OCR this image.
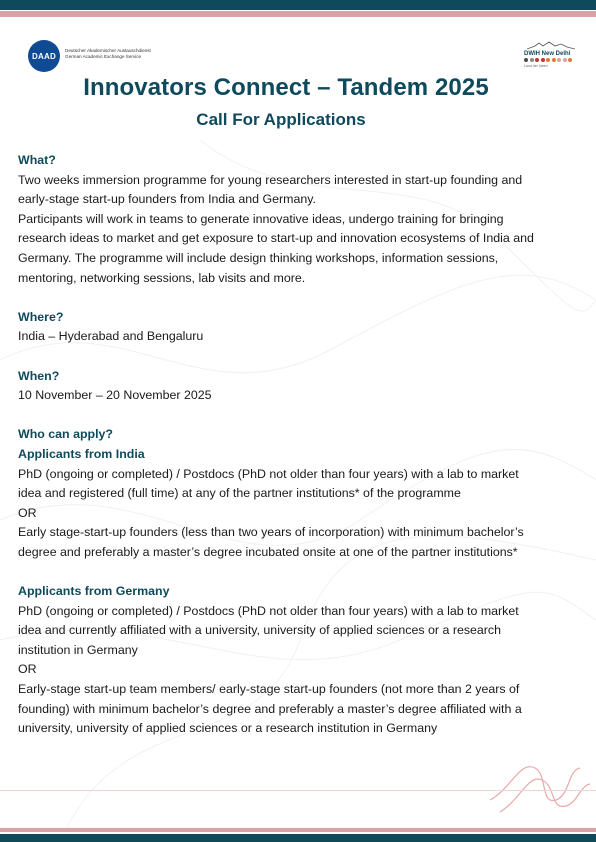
DAAD
Deutscher Akademischer Austauschdienst
German Academic Exchange Service	DWIH New Delhi
Land der Ideen
Innovators Connect – Tandem 2025
Call For Applications

What?

Two weeks immersion programme for young researchers interested in start-up founding and

early-stage start-up founders from India and Germany.

Participants will work in teams to generate innovative ideas, undergo training for bringing

research ideas to market and get exposure to start-up and innovation ecosystems of India and

Germany. The programme will include design thinking workshops, information sessions,

mentoring, networking sessions, lab visits and more.

Where?

India – Hyderabad and Bengaluru

When?

10 November – 20 November 2025

Who can apply?

Applicants from India

PhD (ongoing or completed) / Postdocs (PhD not older than four years) with a lab to market

idea and registered (full time) at any of the partner institutions* of the programme

OR

Early stage-start-up founders (less than two years of incorporation) with minimum bachelor’s

degree and preferably a master’s degree incubated onsite at one of the partner institutions*

Applicants from Germany

PhD (ongoing or completed) / Postdocs (PhD not older than four years) with a lab to market

idea and currently affiliated with a university, university of applied sciences or a research

institution in Germany

OR

Early-stage start-up team members/ early-stage start-up founders (not more than 2 years of

founding) with minimum bachelor’s degree and preferably a master’s degree affiliated with a

university, university of applied sciences or a research institution in Germany
